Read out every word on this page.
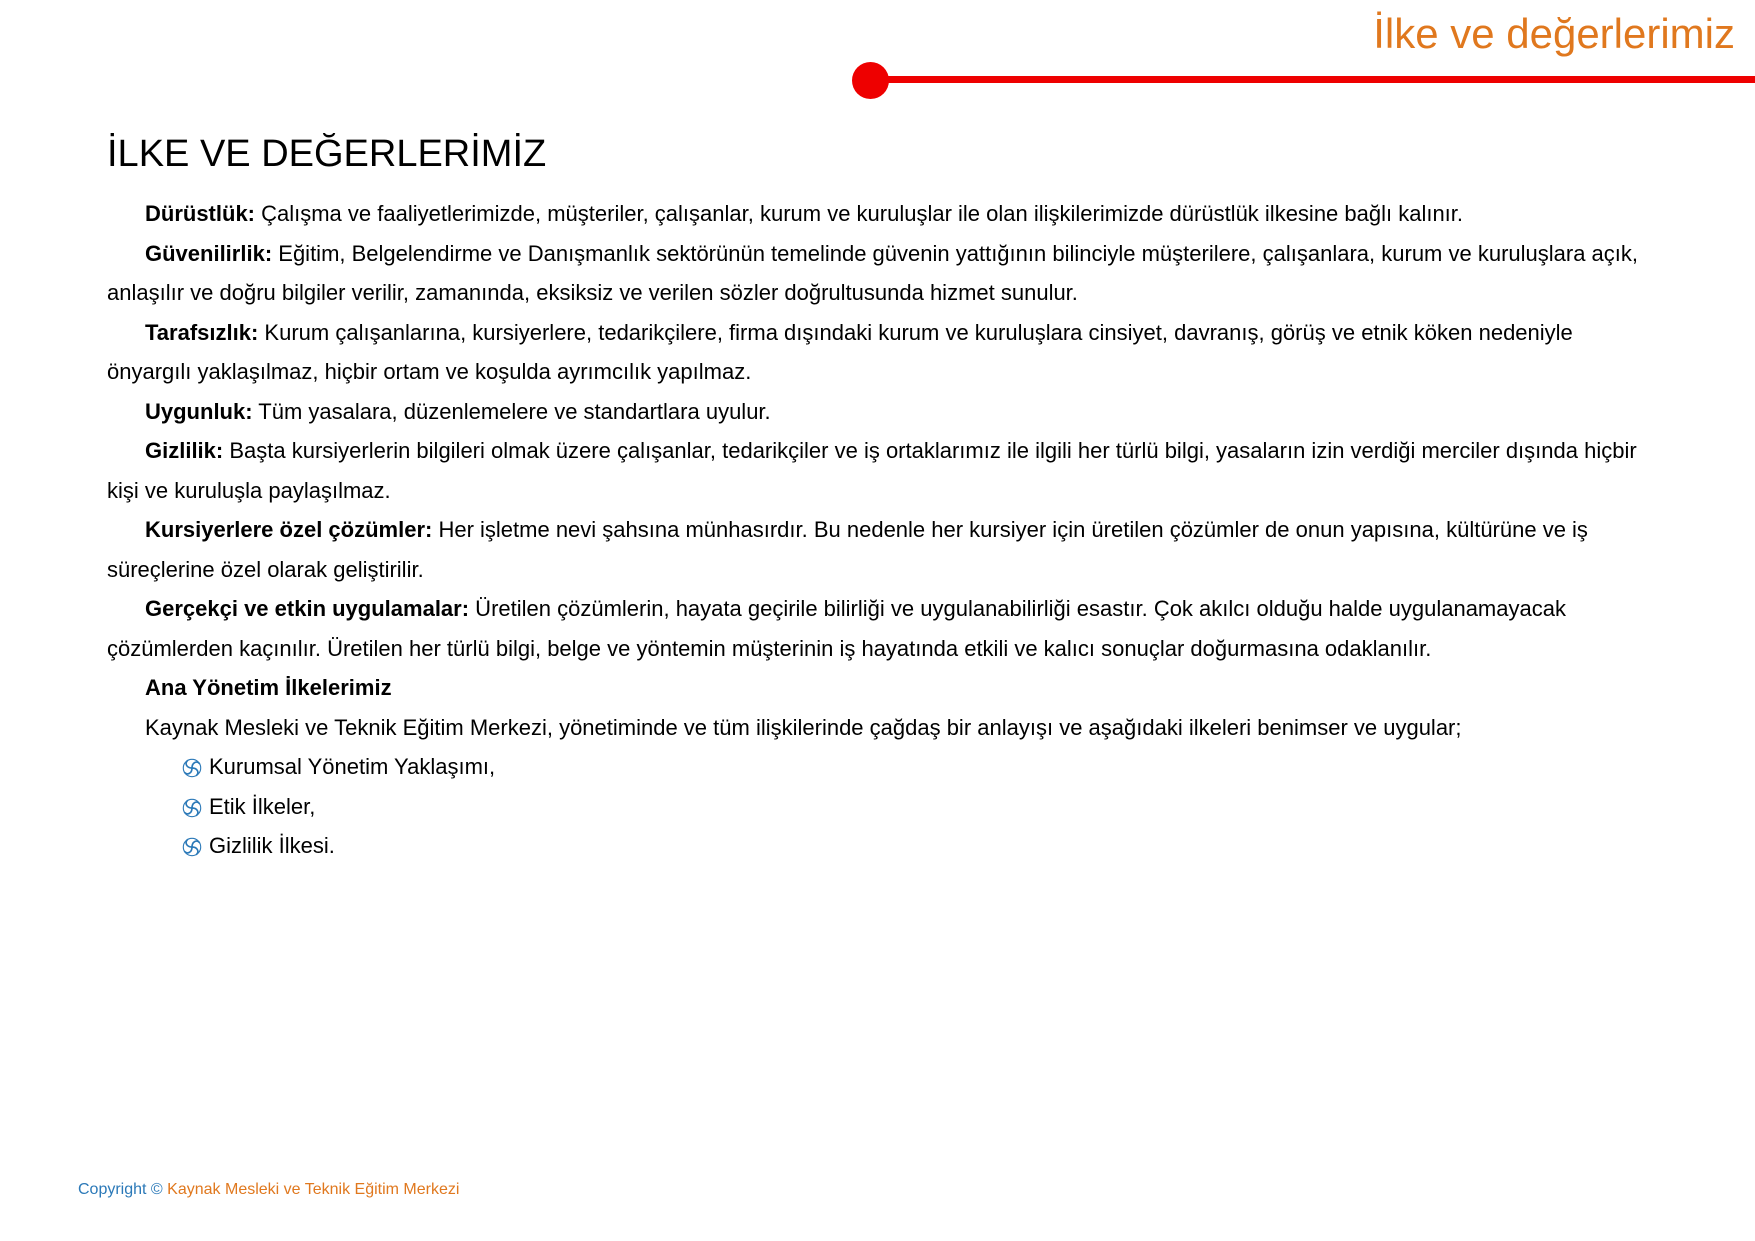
İlke ve değerlerimiz
İLKE VE DEĞERLERİMİZ

Dürüstlük: Çalışma ve faaliyetlerimizde, müşteriler, çalışanlar, kurum ve kuruluşlar ile olan ilişkilerimizde dürüstlük ilkesine bağlı kalınır.

Güvenilirlik: Eğitim, Belgelendirme ve Danışmanlık sektörünün temelinde güvenin yattığının bilinciyle müşterilere, çalışanlara, kurum ve kuruluşlara açık, anlaşılır ve doğru bilgiler verilir, zamanında, eksiksiz ve verilen sözler doğrultusunda hizmet sunulur.

Tarafsızlık: Kurum çalışanlarına, kursiyerlere, tedarikçilere, firma dışındaki kurum ve kuruluşlara cinsiyet, davranış, görüş ve etnik köken nedeniyle önyargılı yaklaşılmaz, hiçbir ortam ve koşulda ayrımcılık yapılmaz.

Uygunluk: Tüm yasalara, düzenlemelere ve standartlara uyulur.

Gizlilik: Başta kursiyerlerin bilgileri olmak üzere çalışanlar, tedarikçiler ve iş ortaklarımız ile ilgili her türlü bilgi, yasaların izin verdiği merciler dışında hiçbir kişi ve kuruluşla paylaşılmaz.

Kursiyerlere özel çözümler: Her işletme nevi şahsına münhasırdır. Bu nedenle her kursiyer için üretilen çözümler de onun yapısına, kültürüne ve iş süreçlerine özel olarak geliştirilir.

Gerçekçi ve etkin uygulamalar: Üretilen çözümlerin, hayata geçirile bilirliği ve uygulanabilirliği esastır. Çok akılcı olduğu halde uygulanamayacak çözümlerden kaçınılır. Üretilen her türlü bilgi, belge ve yöntemin müşterinin iş hayatında etkili ve kalıcı sonuçlar doğurmasına odaklanılır.

Ana Yönetim İlkelerimiz

Kaynak Mesleki ve Teknik Eğitim Merkezi, yönetiminde ve tüm ilişkilerinde çağdaş bir anlayışı ve aşağıdaki ilkeleri benimser ve uygular;

Kurumsal Yönetim Yaklaşımı,
Etik İlkeler,
Gizlilik İlkesi.
Copyright © Kaynak Mesleki ve Teknik Eğitim Merkezi
